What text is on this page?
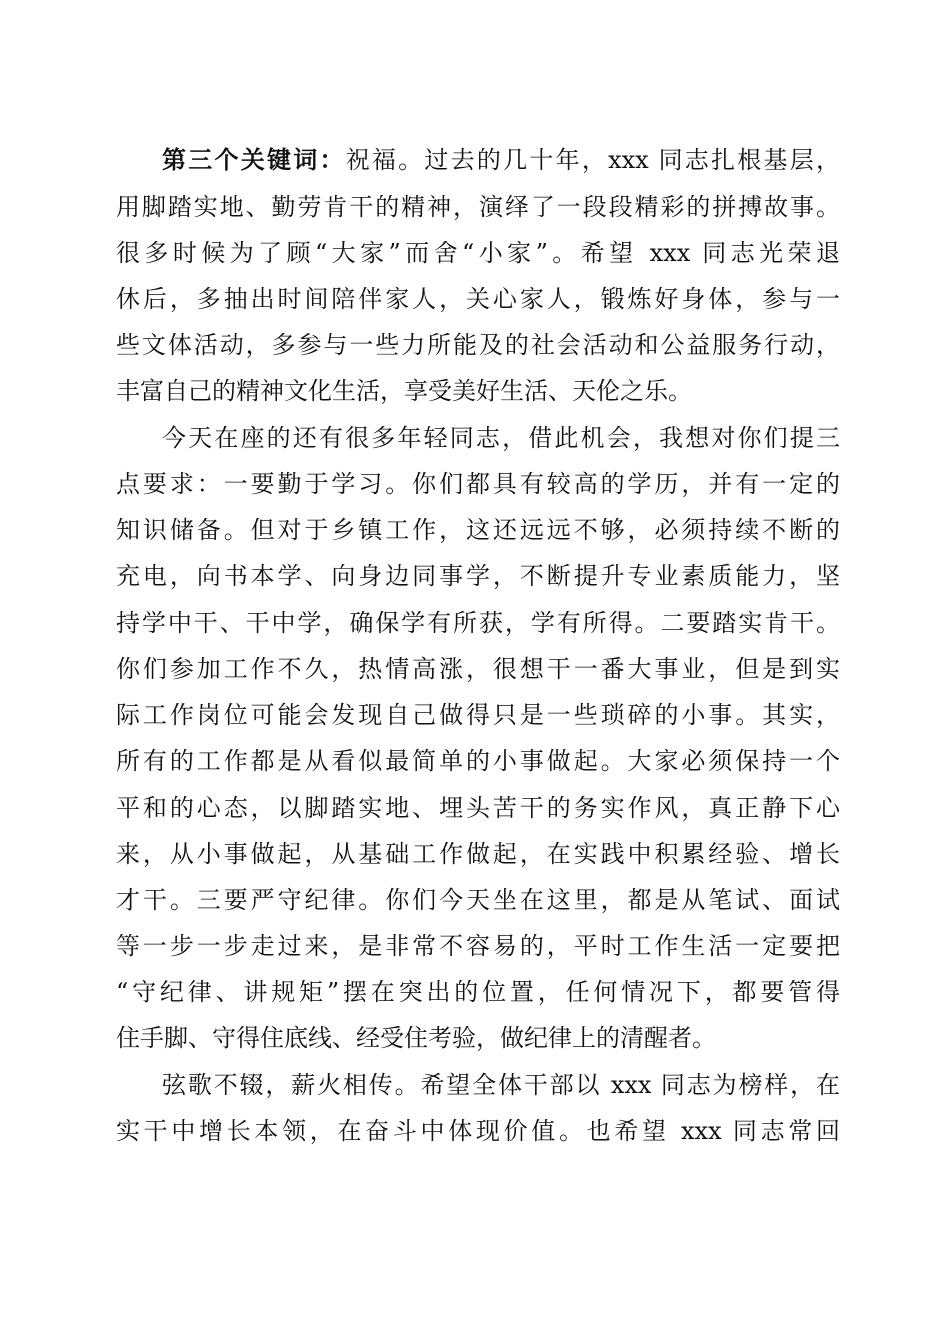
第三个关键词：祝福。过去的几十年，xxx 同志扎根基层，
用脚踏实地、勤劳肯干的精神，演绎了一段段精彩的拼搏故事。
很多时候为了顾“大家”而舍“小家”。希望 xxx 同志光荣退
休后，多抽出时间陪伴家人，关心家人，锻炼好身体，参与一
些文体活动，多参与一些力所能及的社会活动和公益服务行动，
丰富自己的精神文化生活，享受美好生活、天伦之乐。
今天在座的还有很多年轻同志，借此机会，我想对你们提三
点要求：一要勤于学习。你们都具有较高的学历，并有一定的
知识储备。但对于乡镇工作，这还远远不够，必须持续不断的
充电，向书本学、向身边同事学，不断提升专业素质能力，坚
持学中干、干中学，确保学有所获，学有所得。二要踏实肯干。
你们参加工作不久，热情高涨，很想干一番大事业，但是到实
际工作岗位可能会发现自己做得只是一些琐碎的小事。其实，
所有的工作都是从看似最简单的小事做起。大家必须保持一个
平和的心态，以脚踏实地、埋头苦干的务实作风，真正静下心
来，从小事做起，从基础工作做起，在实践中积累经验、增长
才干。三要严守纪律。你们今天坐在这里，都是从笔试、面试
等一步一步走过来，是非常不容易的，平时工作生活一定要把
“守纪律、讲规矩”摆在突出的位置，任何情况下，都要管得
住手脚、守得住底线、经受住考验，做纪律上的清醒者。
弦歌不辍，薪火相传。希望全体干部以 xxx 同志为榜样，在
实干中增长本领，在奋斗中体现价值。也希望 xxx 同志常回
